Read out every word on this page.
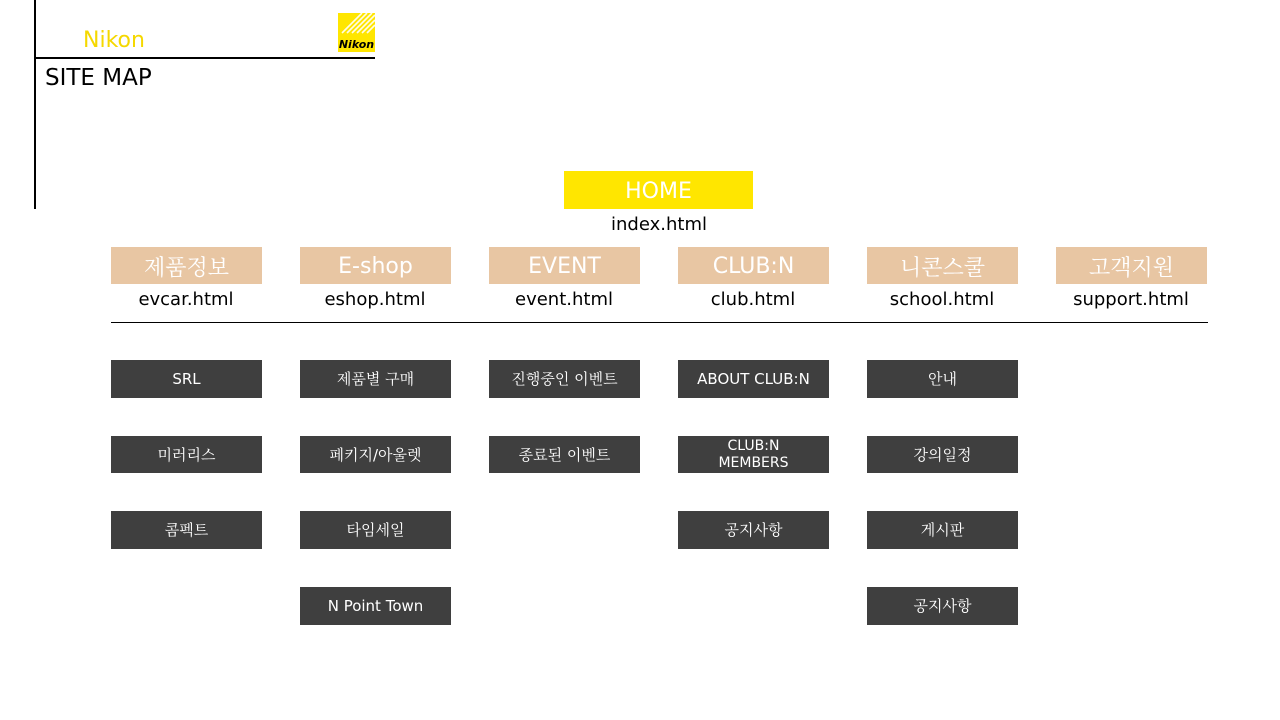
Nikon	Nikon
SITE MAP
HOME
index.html
제품정보
evcar.html
E-shop
eshop.html
EVENT
event.html
CLUB:N
club.html
니콘스쿨
school.html
고객지원
support.html
SRL
미러리스
콤펙트
제품별 구매
페키지/아울렛
타임세일
N Point Town
진행중인 이벤트
종료된 이벤트
ABOUT CLUB:N
CLUB:N MEMBERS
공지사항
안내
강의일정
게시판
공지사항
